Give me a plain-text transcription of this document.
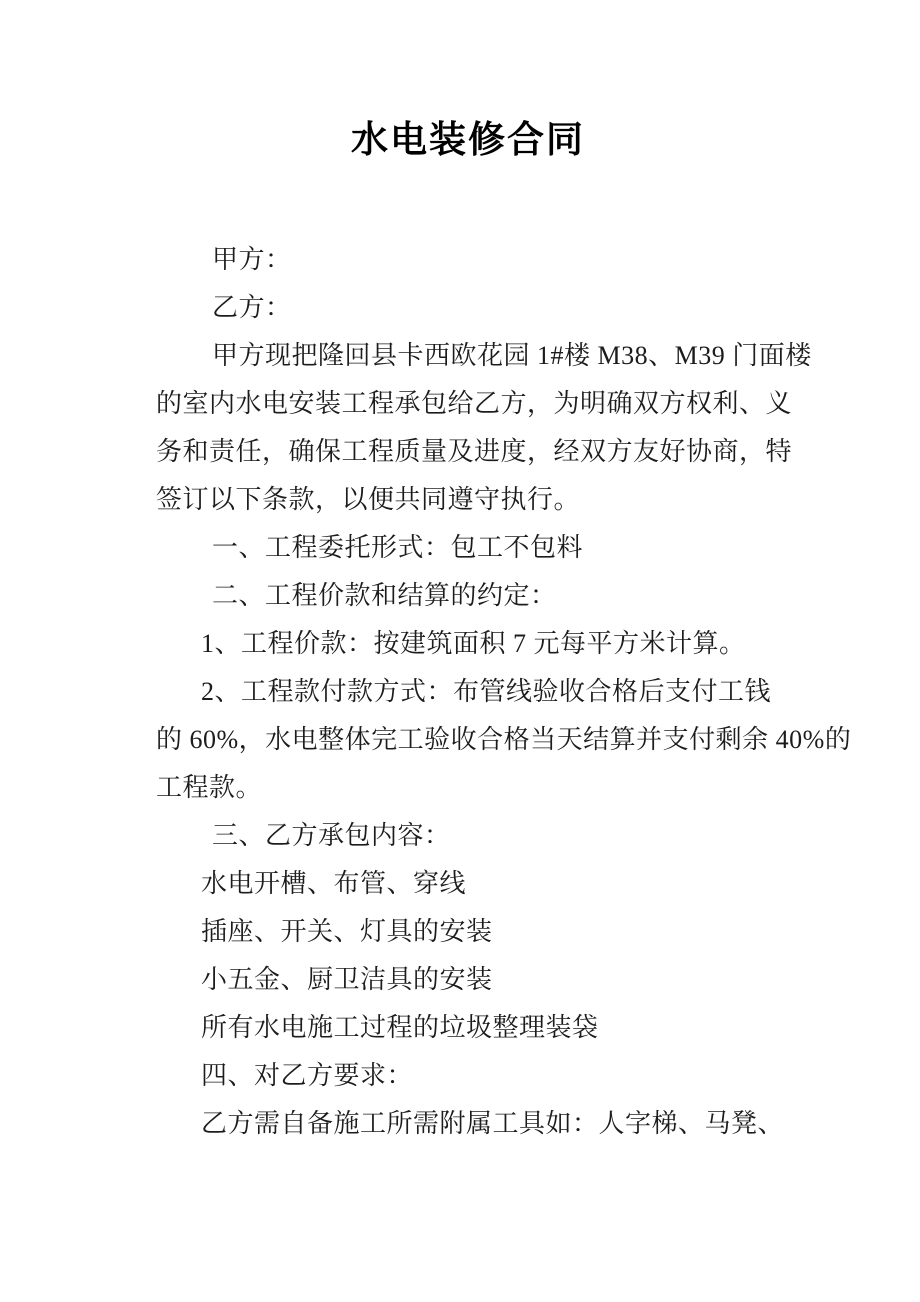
水电装修合同

甲方：

乙方：

甲方现把隆回县卡西欧花园 1#楼 M38、M39 门面楼
的室内水电安装工程承包给乙方，为明确双方权利、义
务和责任，确保工程质量及进度，经双方友好协商，特
签订以下条款，以便共同遵守执行。

一、工程委托形式：包工不包料

二、工程价款和结算的约定：

1、工程价款：按建筑面积 7 元每平方米计算。

2、工程款付款方式：布管线验收合格后支付工钱
的 60%，水电整体完工验收合格当天结算并支付剩余 40%的
工程款。

三、乙方承包内容：

水电开槽、布管、穿线

插座、开关、灯具的安装

小五金、厨卫洁具的安装

所有水电施工过程的垃圾整理装袋

四、对乙方要求：

乙方需自备施工所需附属工具如：人字梯、马凳、
